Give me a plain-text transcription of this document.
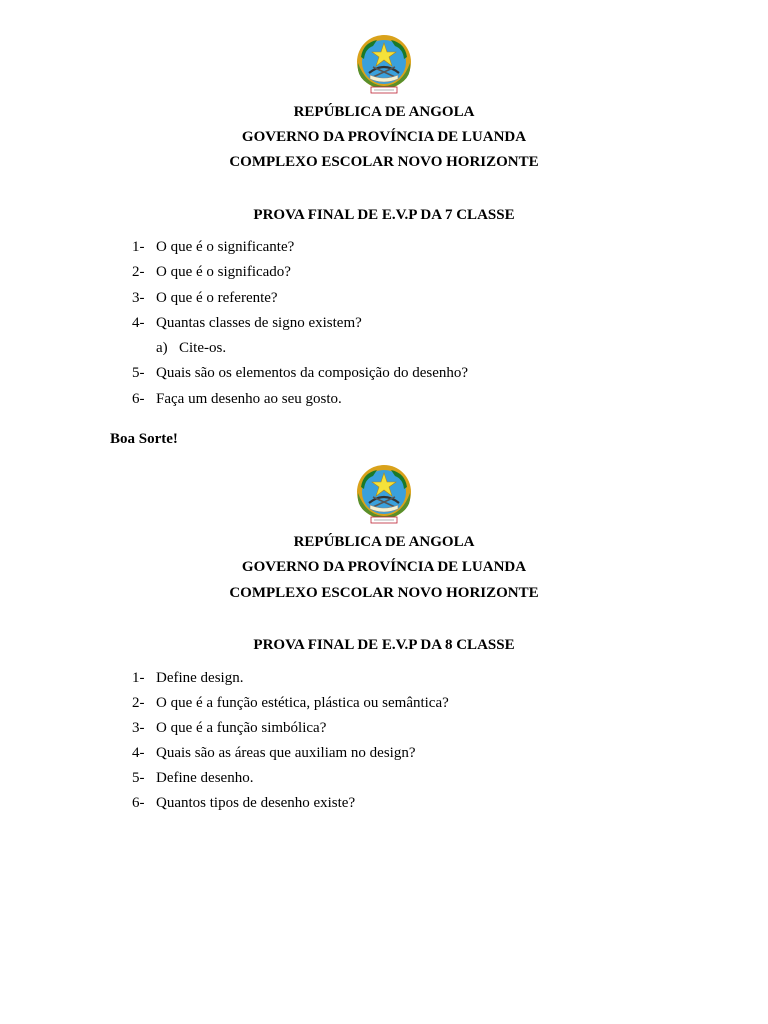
REPÚBLICA DE ANGOLA
GOVERNO DA PROVÍNCIA DE LUANDA
COMPLEXO ESCOLAR NOVO HORIZONTE
PROVA FINAL DE E.V.P DA 7 CLASSE
1- O que é o significante?
2- O que é o significado?
3- O que é o referente?
4- Quantas classes de signo existem?
a) Cite-os.
5- Quais são os elementos da composição do desenho?
6- Faça um desenho ao seu gosto.
Boa Sorte!
REPÚBLICA DE ANGOLA
GOVERNO DA PROVÍNCIA DE LUANDA
COMPLEXO ESCOLAR NOVO HORIZONTE
PROVA FINAL DE E.V.P DA 8 CLASSE
1- Define design.
2- O que é a função estética, plástica ou semântica?
3- O que é a função simbólica?
4- Quais são as áreas que auxiliam no design?
5- Define desenho.
6- Quantos tipos de desenho existe?
